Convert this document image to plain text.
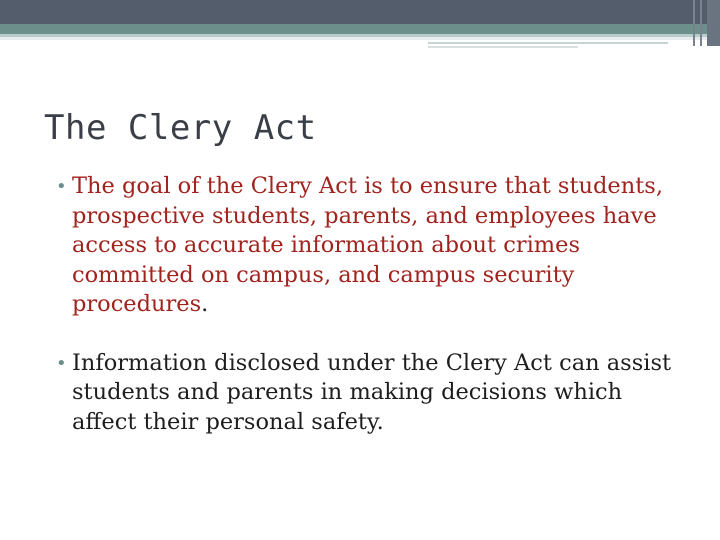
The Clery Act
• The goal of the Clery Act is to ensure that students, prospective students, parents, and employees have access to accurate information about crimes committed on campus, and campus security procedures.
• Information disclosed under the Clery Act can assist students and parents in making decisions which affect their personal safety.
